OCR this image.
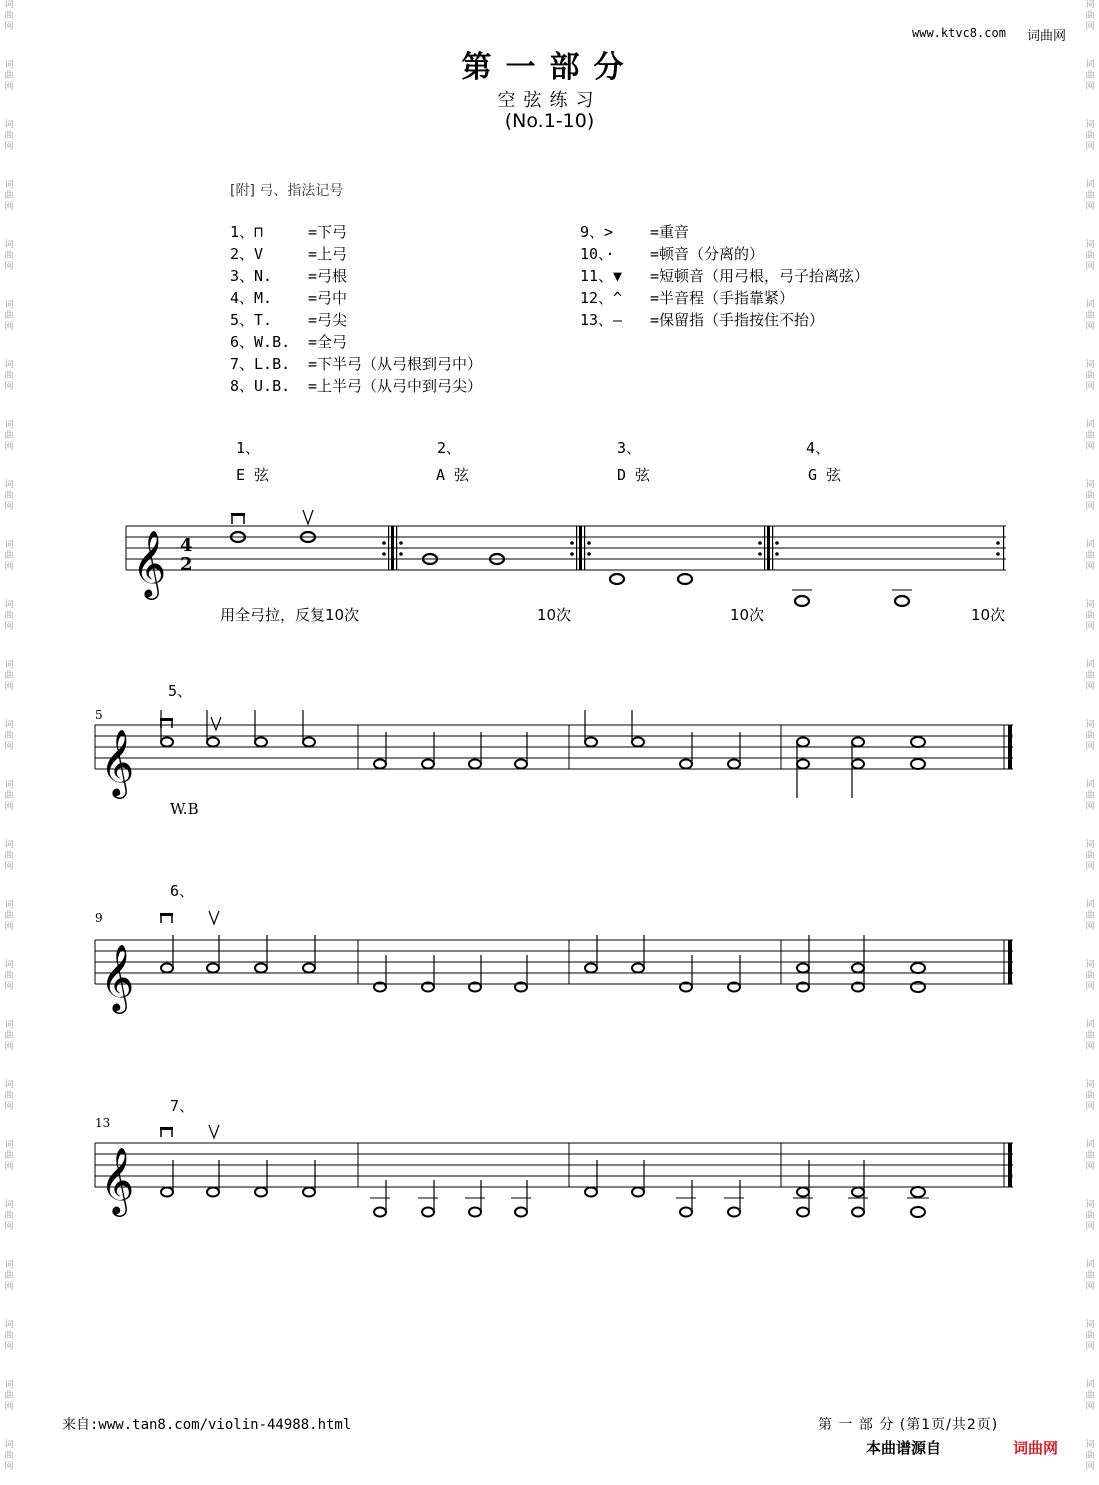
词
曲
网
词
曲
网
词
曲
网
词
曲
网
词
曲
网
词
曲
网
词
曲
网
词
曲
网
词
曲
网
词
曲
网
词
曲
网
词
曲
网
词
曲
网
词
曲
网
词
曲
网
词
曲
网
词
曲
网
词
曲
网
词
曲
网
词
曲
网
词
曲
网
词
曲
网
词
曲
网
词
曲
网
词
曲
网
词
曲
网
词
曲
网
词
曲
网
词
曲
网
词
曲
网
词
曲
网
词
曲
网
词
曲
网
词
曲
网
词
曲
网
词
曲
网
词
曲
网
词
曲
网
词
曲
网
词
曲
网
词
曲
网
词
曲
网
词
曲
网
词
曲
网
词
曲
网
词
曲
网
词
曲
网
词
曲
网
词
曲
网
词
曲
网
www.ktvc8.com 词曲网
第一部分
空弦练习
(No.1-10)
[附] 弓、指法记号
1、⊓	=下弓
2、V	=上弓
3、N. =弓根
4、M. =弓中
5、T. =弓尖
6、W.B. =全弓
7、L.B. =下半弓（从弓根到弓中）
8、U.B. =上半弓（从弓中到弓尖）
9、> =重音
10、· =顿音（分离的）
11、▼ =短顿音（用弓根，弓子抬离弦）
12、^=半音程（手指靠紧）
13、— =保留指（手指按住不抬）
1、	2、	3、	4、
E 弦	A 弦	D 弦	G 弦
𝄞 4
2
用全弓拉，反复10次	10次	10次	10次
5、
5
𝄞
W.B
6、
9
𝄞
7、
13
𝄞
来自:www.tan8.com/violin-44988.html	第 一 部 分 (第1页/共2页)
本曲谱源自	词曲网
